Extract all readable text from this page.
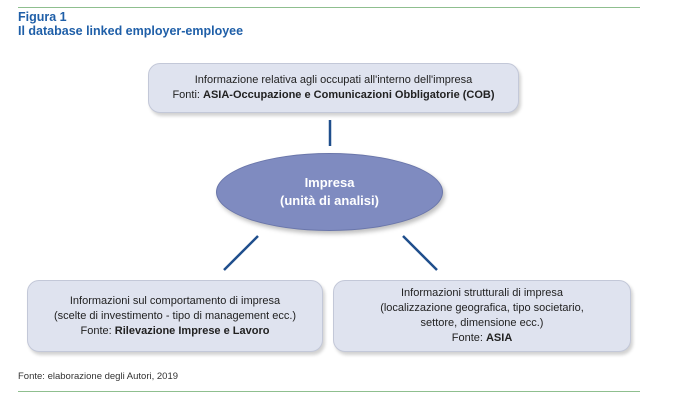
Figura 1
Il database linked employer-employee
Informazione relativa agli occupati all'interno dell'impresa
Fonti: ASIA-Occupazione e Comunicazioni Obbligatorie (COB)
Impresa
(unità di analisi)
Informazioni sul comportamento di impresa
(scelte di investimento - tipo di management ecc.)
Fonte: Rilevazione Imprese e Lavoro
Informazioni strutturali di impresa
(localizzazione geografica, tipo societario,
settore, dimensione ecc.)
Fonte: ASIA
Fonte: elaborazione degli Autori, 2019
